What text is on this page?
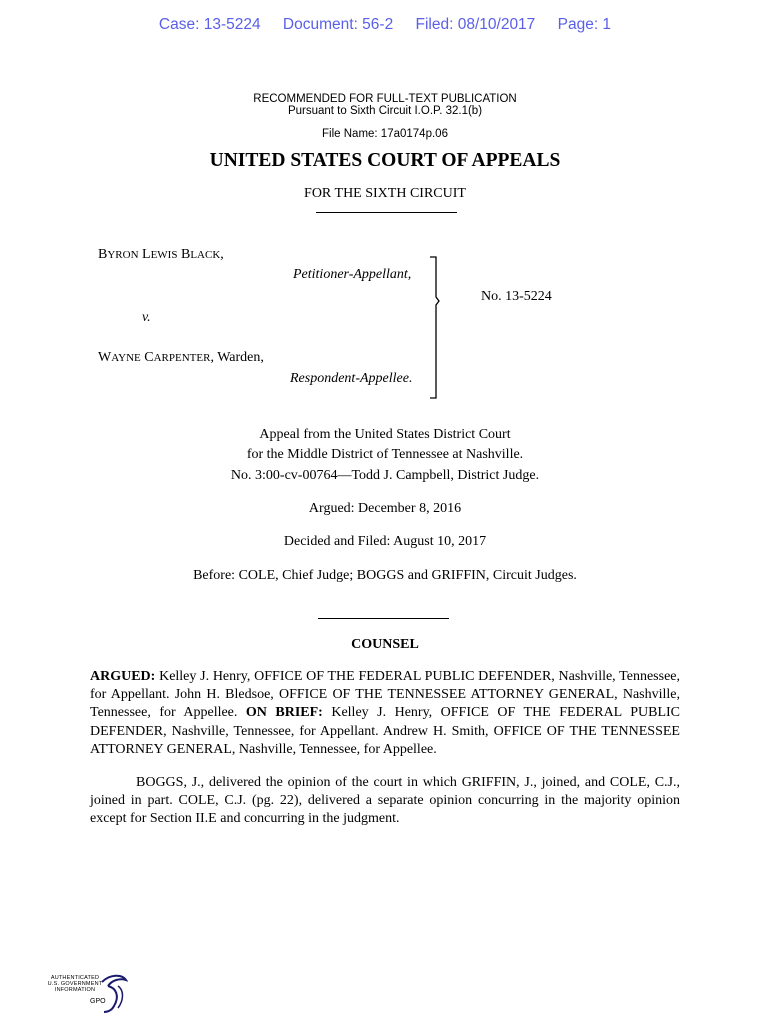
Case: 13-5224 Document: 56-2 Filed: 08/10/2017 Page: 1
RECOMMENDED FOR FULL-TEXT PUBLICATION
Pursuant to Sixth Circuit I.O.P. 32.1(b)
File Name: 17a0174p.06
UNITED STATES COURT OF APPEALS
FOR THE SIXTH CIRCUIT
BYRON LEWIS BLACK,
Petitioner-Appellant,
v.
WAYNE CARPENTER, Warden,
Respondent-Appellee.
No. 13-5224
Appeal from the United States District Court
for the Middle District of Tennessee at Nashville.
No. 3:00-cv-00764—Todd J. Campbell, District Judge.
Argued: December 8, 2016
Decided and Filed: August 10, 2017
Before: COLE, Chief Judge; BOGGS and GRIFFIN, Circuit Judges.
COUNSEL
ARGUED: Kelley J. Henry, OFFICE OF THE FEDERAL PUBLIC DEFENDER, Nashville, Tennessee, for Appellant. John H. Bledsoe, OFFICE OF THE TENNESSEE ATTORNEY GENERAL, Nashville, Tennessee, for Appellee. ON BRIEF: Kelley J. Henry, OFFICE OF THE FEDERAL PUBLIC DEFENDER, Nashville, Tennessee, for Appellant. Andrew H. Smith, OFFICE OF THE TENNESSEE ATTORNEY GENERAL, Nashville, Tennessee, for Appellee.
BOGGS, J., delivered the opinion of the court in which GRIFFIN, J., joined, and COLE, C.J., joined in part. COLE, C.J. (pg. 22), delivered a separate opinion concurring in the majority opinion except for Section II.E and concurring in the judgment.
AUTHENTICATED
U.S. GOVERNMENT
INFORMATION
GPO
